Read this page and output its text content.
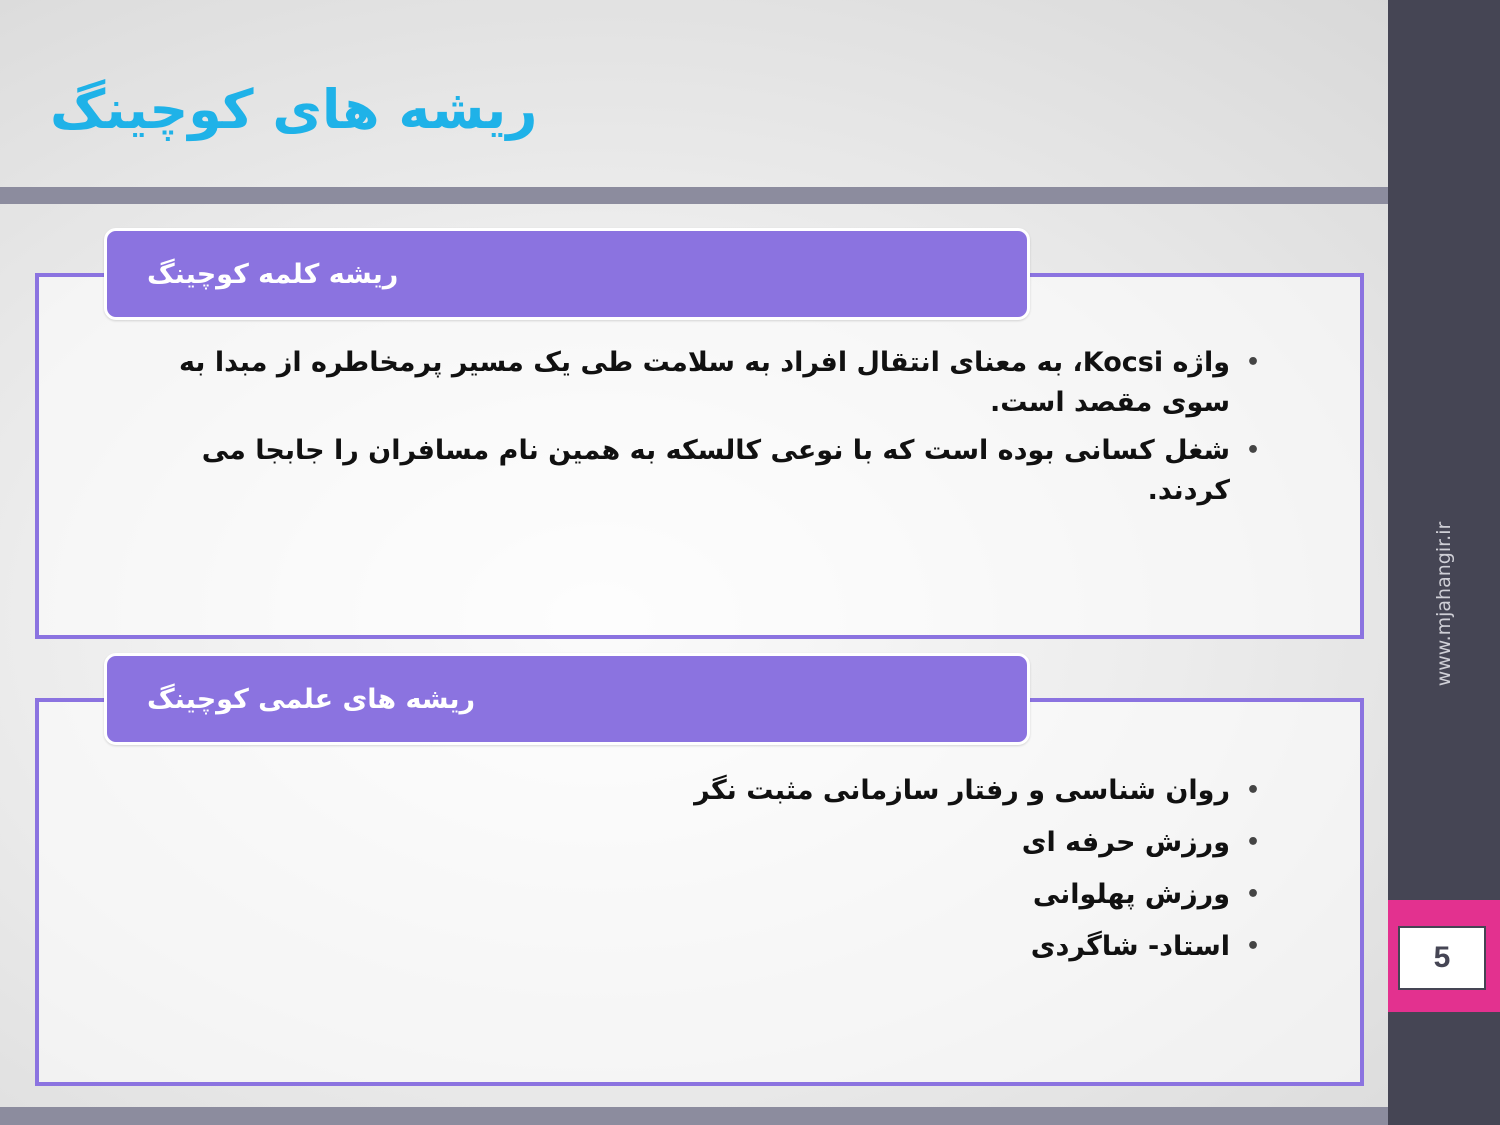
ریشه های کوچینگ
www.mjahangir.ir
5
ریشه کلمه کوچینگ
• واژه Kocsi، به معنای انتقال افراد به سلامت طی یک مسیر پرمخاطره از مبدا به سوی مقصد است.
• شغل کسانی بوده است که با نوعی کالسکه به همین نام مسافران را جابجا می کردند.
ریشه های علمی کوچینگ
• روان شناسی و رفتار سازمانی مثبت نگر
• ورزش حرفه ای
• ورزش پهلوانی
• استاد- شاگردی
